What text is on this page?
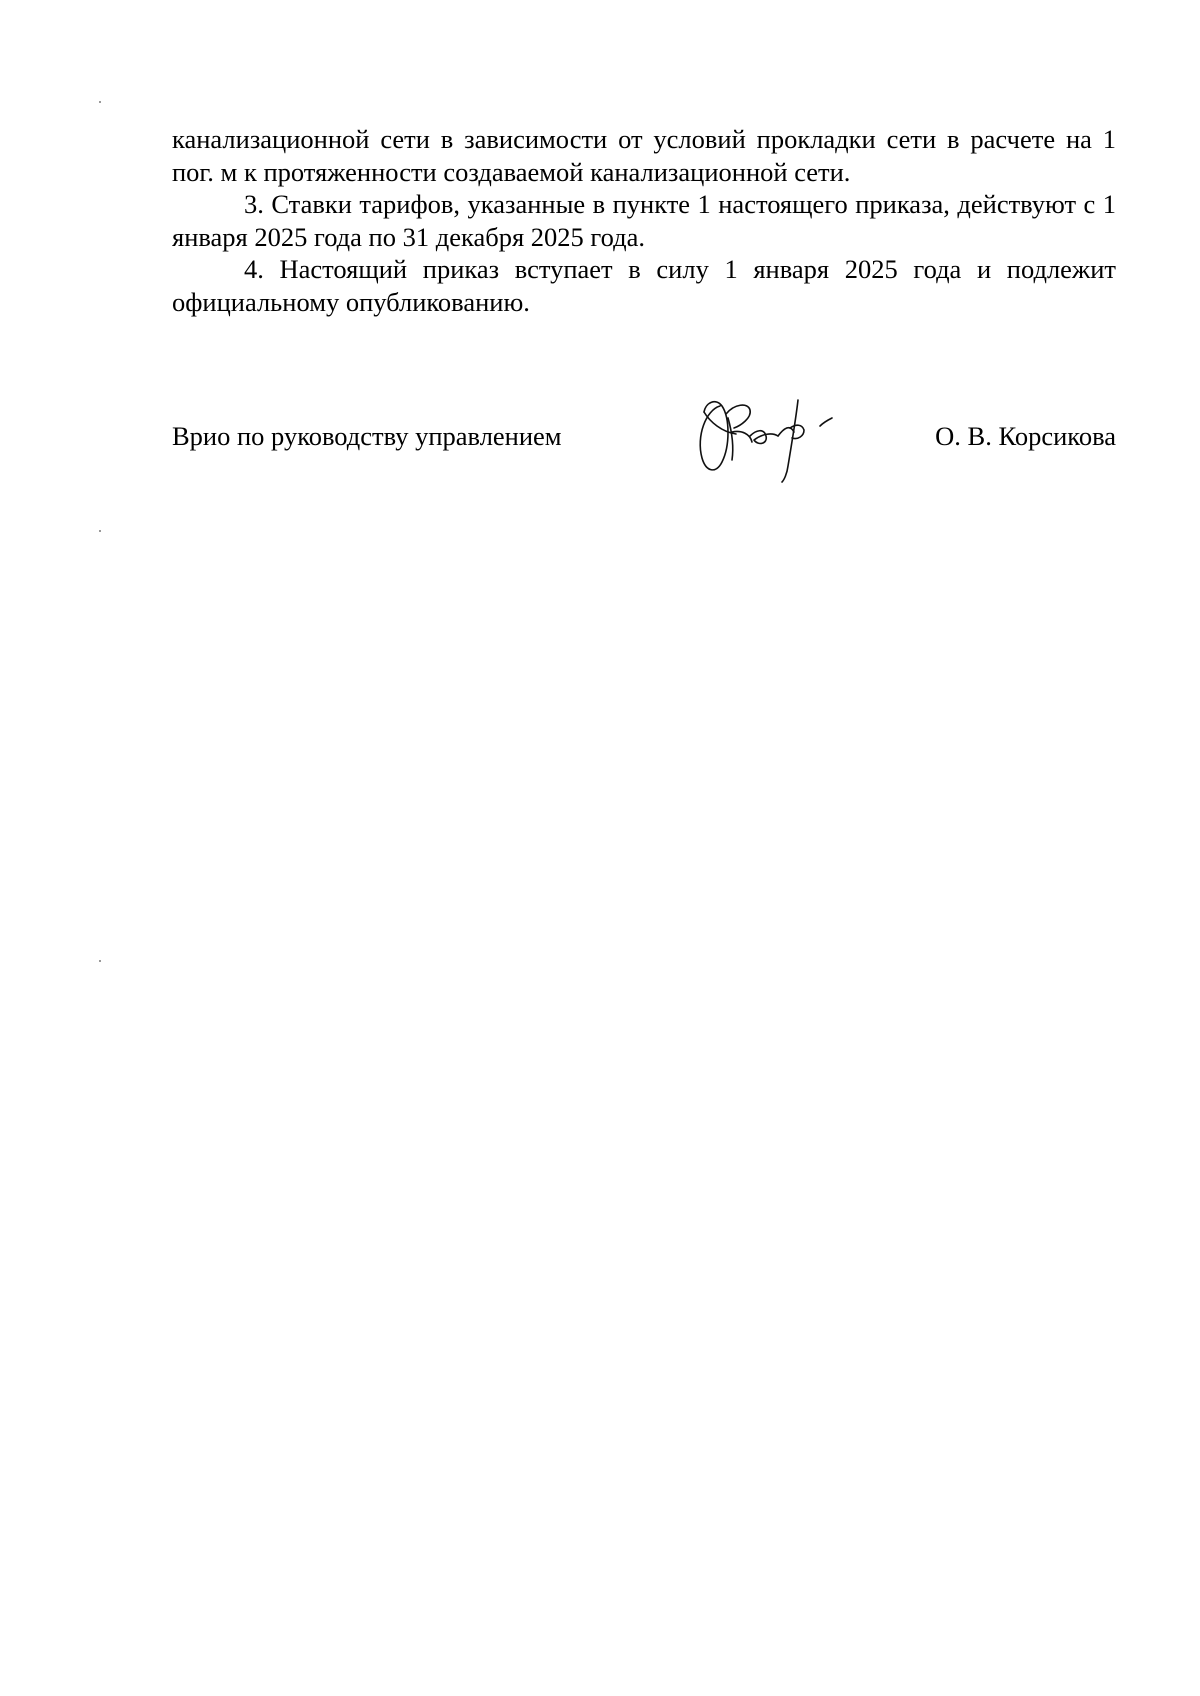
канализационной сети в зависимости от условий прокладки сети в расчете на 1 пог. м к протяженности создаваемой канализационной сети.

3. Ставки тарифов, указанные в пункте 1 настоящего приказа, действуют с 1 января 2025 года по 31 декабря 2025 года.

4. Настоящий приказ вступает в силу 1 января 2025 года и подлежит официальному опубликованию.

Врио по руководству управлением	О. В. Корсикова
